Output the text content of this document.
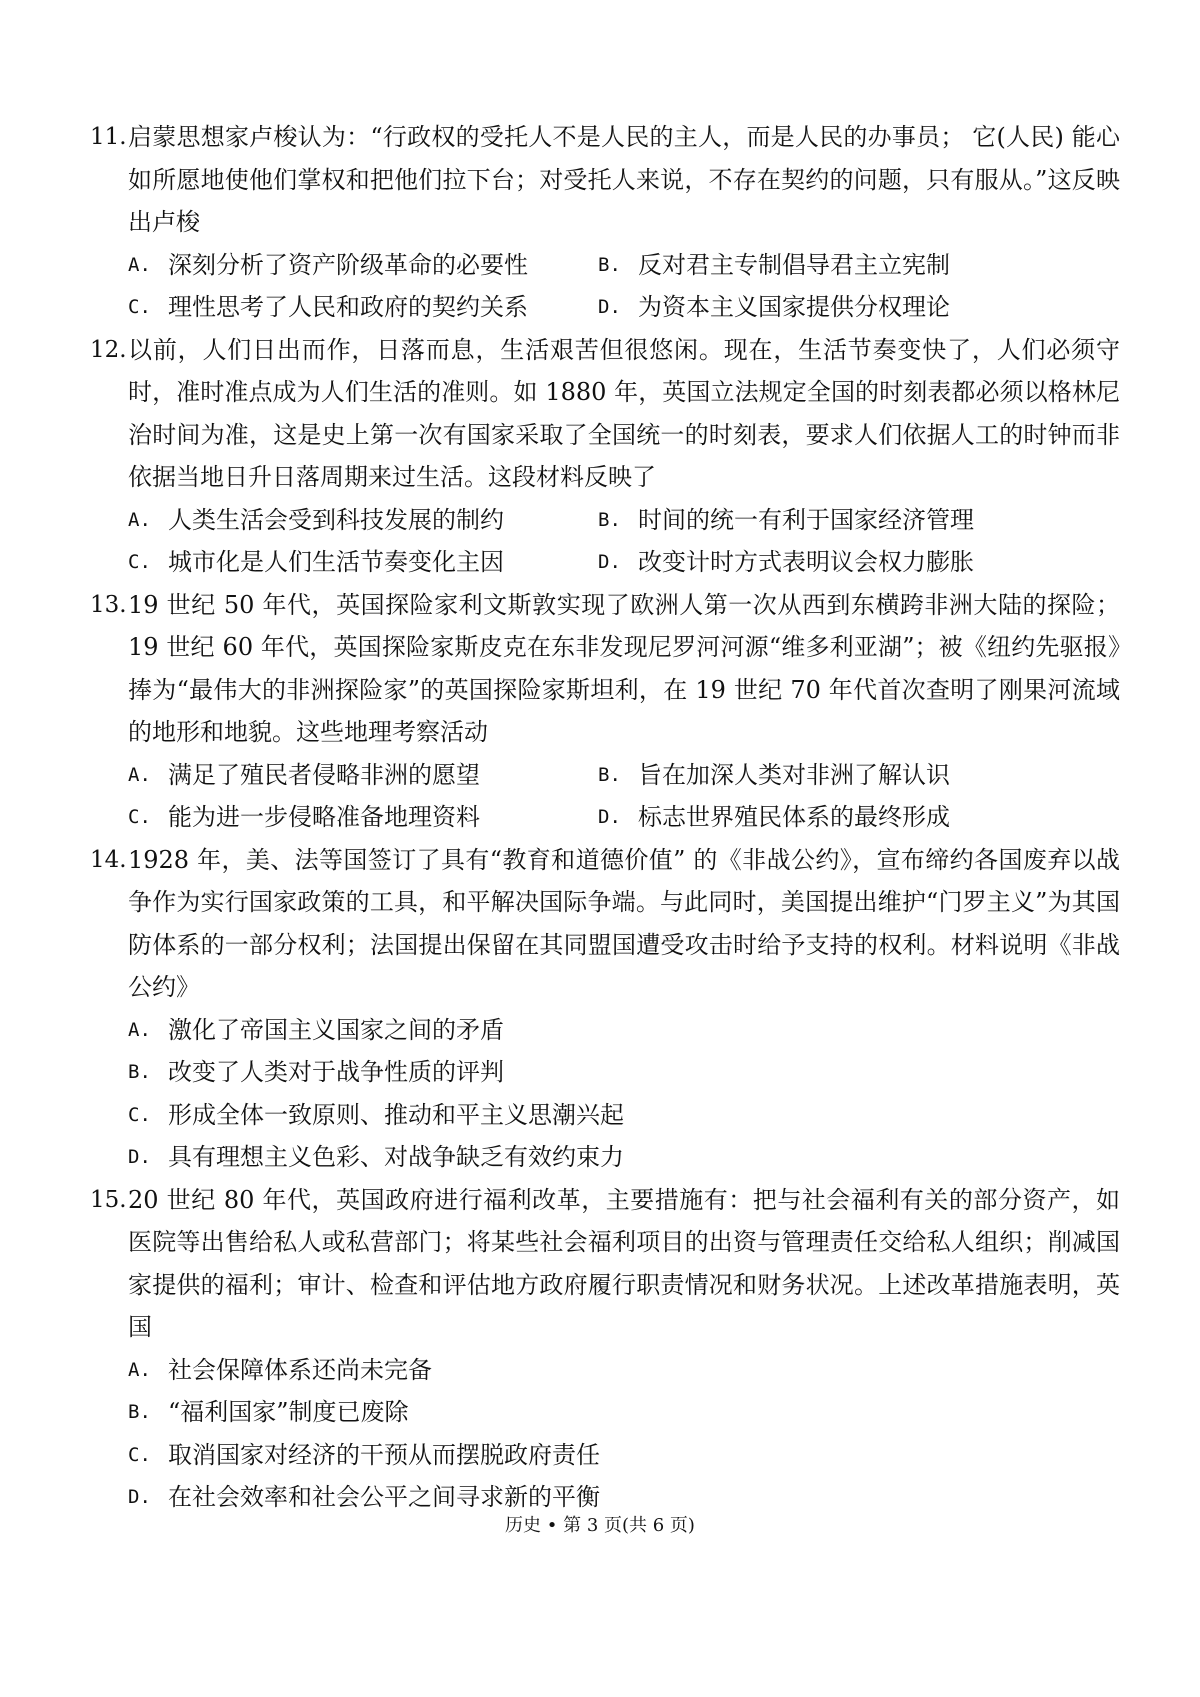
11. 启蒙思想家卢梭认为：“行政权的受托人不是人民的主人，而是人民的办事员； 它(人民) 能心如所愿地使他们掌权和把他们拉下台；对受托人来说，不存在契约的问题，只有服从。”这反映出卢梭
A. 深刻分析了资产阶级革命的必要性	B. 反对君主专制倡导君主立宪制
C. 理性思考了人民和政府的契约关系	D. 为资本主义国家提供分权理论
12. 以前，人们日出而作，日落而息，生活艰苦但很悠闲。现在，生活节奏变快了，人们必须守时，准时准点成为人们生活的准则。如 1880 年，英国立法规定全国的时刻表都必须以格林尼治时间为准，这是史上第一次有国家采取了全国统一的时刻表，要求人们依据人工的时钟而非依据当地日升日落周期来过生活。这段材料反映了
A. 人类生活会受到科技发展的制约	B. 时间的统一有利于国家经济管理
C. 城市化是人们生活节奏变化主因	D. 改变计时方式表明议会权力膨胀
13. 19 世纪 50 年代，英国探险家利文斯敦实现了欧洲人第一次从西到东横跨非洲大陆的探险； 19 世纪 60 年代，英国探险家斯皮克在东非发现尼罗河河源“维多利亚湖”；被《纽约先驱报》捧为“最伟大的非洲探险家”的英国探险家斯坦利，在 19 世纪 70 年代首次查明了刚果河流域的地形和地貌。这些地理考察活动
A. 满足了殖民者侵略非洲的愿望	B. 旨在加深人类对非洲了解认识
C. 能为进一步侵略准备地理资料	D. 标志世界殖民体系的最终形成
14. 1928 年，美、法等国签订了具有“教育和道德价值” 的《非战公约》，宣布缔约各国废弃以战争作为实行国家政策的工具，和平解决国际争端。与此同时，美国提出维护“门罗主义”为其国防体系的一部分权利；法国提出保留在其同盟国遭受攻击时给予支持的权利。材料说明《非战公约》
A. 激化了帝国主义国家之间的矛盾
B. 改变了人类对于战争性质的评判
C. 形成全体一致原则、推动和平主义思潮兴起
D. 具有理想主义色彩、对战争缺乏有效约束力
15. 20 世纪 80 年代，英国政府进行福利改革，主要措施有：把与社会福利有关的部分资产，如医院等出售给私人或私营部门；将某些社会福利项目的出资与管理责任交给私人组织；削减国家提供的福利；审计、检查和评估地方政府履行职责情况和财务状况。上述改革措施表明，英国
A. 社会保障体系还尚未完备
B. “福利国家”制度已废除
C. 取消国家对经济的干预从而摆脱政府责任
D. 在社会效率和社会公平之间寻求新的平衡
历史 • 第 3 页(共 6 页)
